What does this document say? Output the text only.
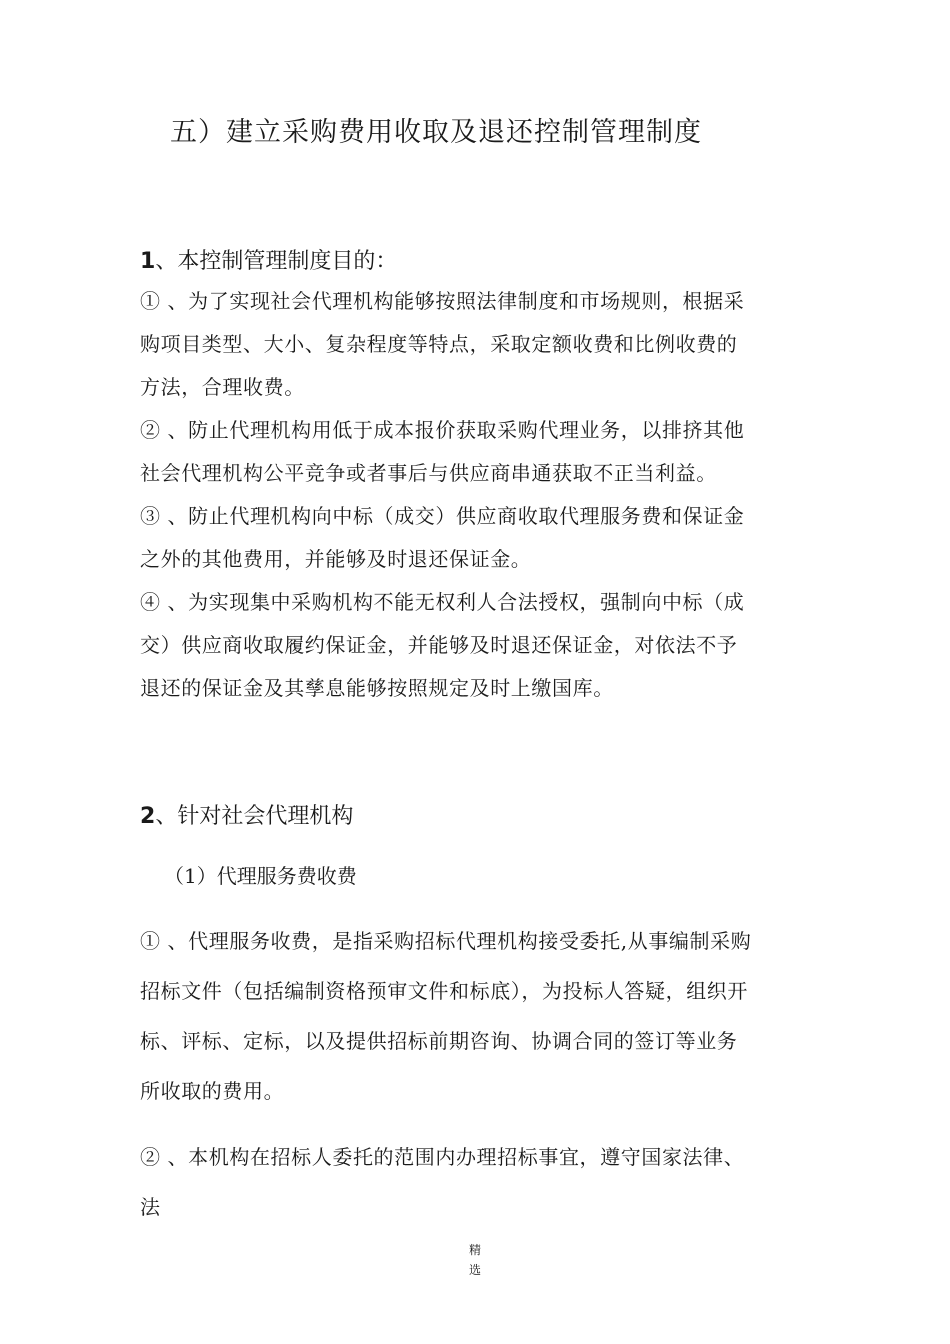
五）建立采购费用收取及退还控制管理制度
1、本控制管理制度目的：
① 、为了实现社会代理机构能够按照法律制度和市场规则，根据采
购项目类型、大小、复杂程度等特点，采取定额收费和比例收费的
方法，合理收费。
② 、防止代理机构用低于成本报价获取采购代理业务，以排挤其他
社会代理机构公平竞争或者事后与供应商串通获取不正当利益。
③ 、防止代理机构向中标（成交）供应商收取代理服务费和保证金
之外的其他费用，并能够及时退还保证金。
④ 、为实现集中采购机构不能无权利人合法授权，强制向中标（成
交）供应商收取履约保证金，并能够及时退还保证金，对依法不予
退还的保证金及其孳息能够按照规定及时上缴国库。
2、针对社会代理机构
（1）代理服务费收费
① 、代理服务收费，是指采购招标代理机构接受委托,从事编制采购
招标文件（包括编制资格预审文件和标底），为投标人答疑，组织开
标、评标、定标，以及提供招标前期咨询、协调合同的签订等业务
所收取的费用。
② 、本机构在招标人委托的范围内办理招标事宜，遵守国家法律、
法
精
选
